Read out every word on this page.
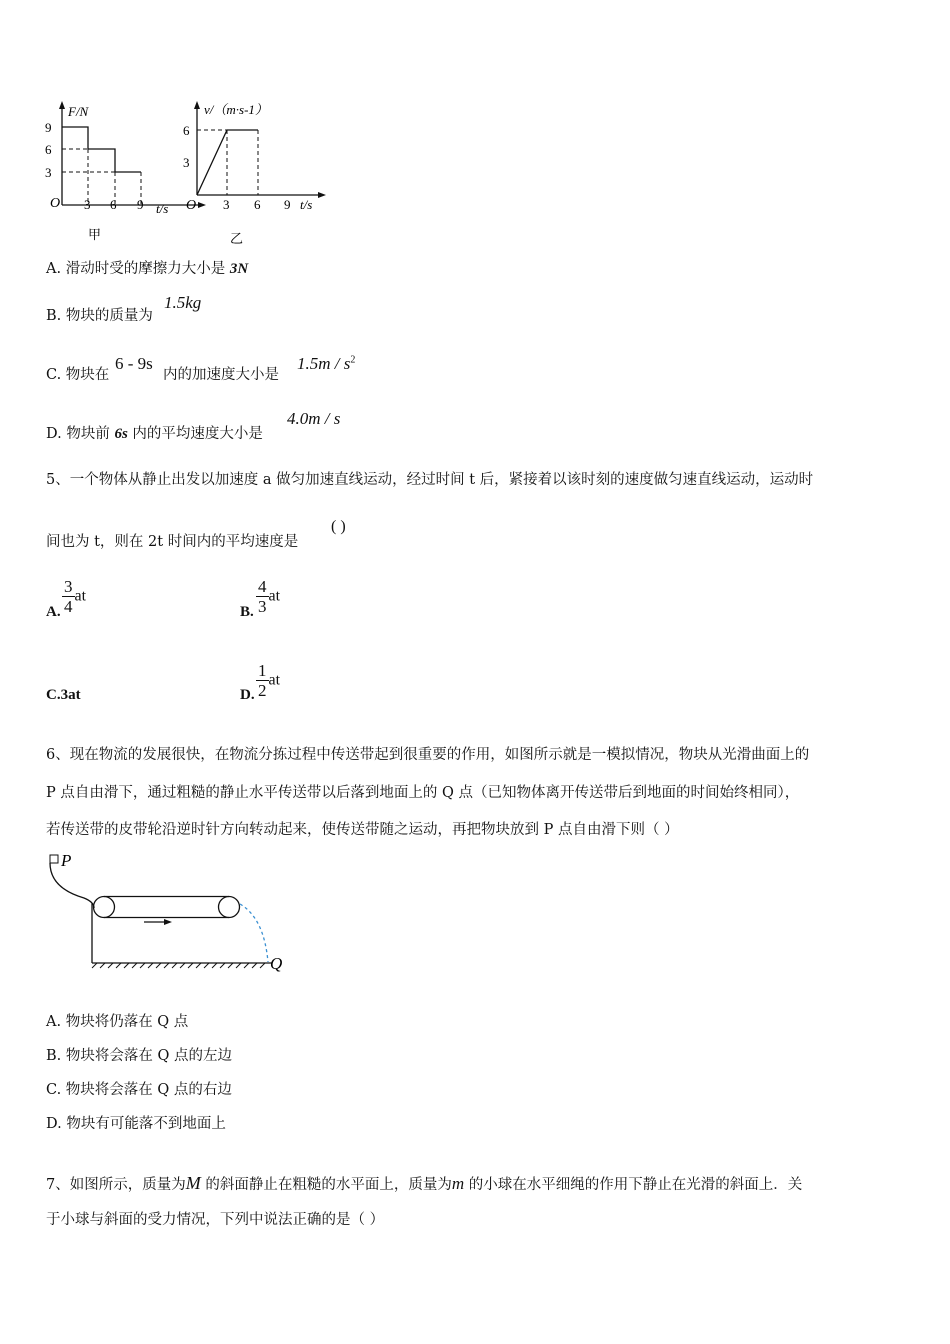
F/N
9
6
3
O 3 6 9 t/s
甲
v/（m·s-1）
6
3
O 3 6 9 t/s
乙
A. 滑动时受的摩擦力大小是 3N
B. 物块的质量为
1.5kg
C. 物块在
6 - 9s
内的加速度大小是
$1.5m / s^2$
D. 物块前 6s 内的平均速度大小是
4.0m / s
5、一个物体从静止出发以加速度 a 做匀加速直线运动，经过时间 t 后，紧接着以该时刻的速度做匀速直线运动，运动时
间也为 t，则在 2t 时间内的平均速度是
( )
A. $\frac{3}{4}$ at
B. $\frac{4}{3}$ at
C.3at	D. $\frac{1}{2}$ at
6、现在物流的发展很快，在物流分拣过程中传送带起到很重要的作用，如图所示就是一模拟情况，物块从光滑曲面上的
P 点自由滑下，通过粗糙的静止水平传送带以后落到地面上的 Q 点（已知物体离开传送带后到地面的时间始终相同），
若传送带的皮带轮沿逆时针方向转动起来，使传送带随之运动，再把物块放到 P 点自由滑下则（ ）
P
Q
A. 物块将仍落在 Q 点
B. 物块将会落在 Q 点的左边
C. 物块将会落在 Q 点的右边
D. 物块有可能落不到地面上
7、如图所示，质量为M 的斜面静止在粗糙的水平面上，质量为m 的小球在水平细绳的作用下静止在光滑的斜面上．关
于小球与斜面的受力情况，下列中说法正确的是（ ）
